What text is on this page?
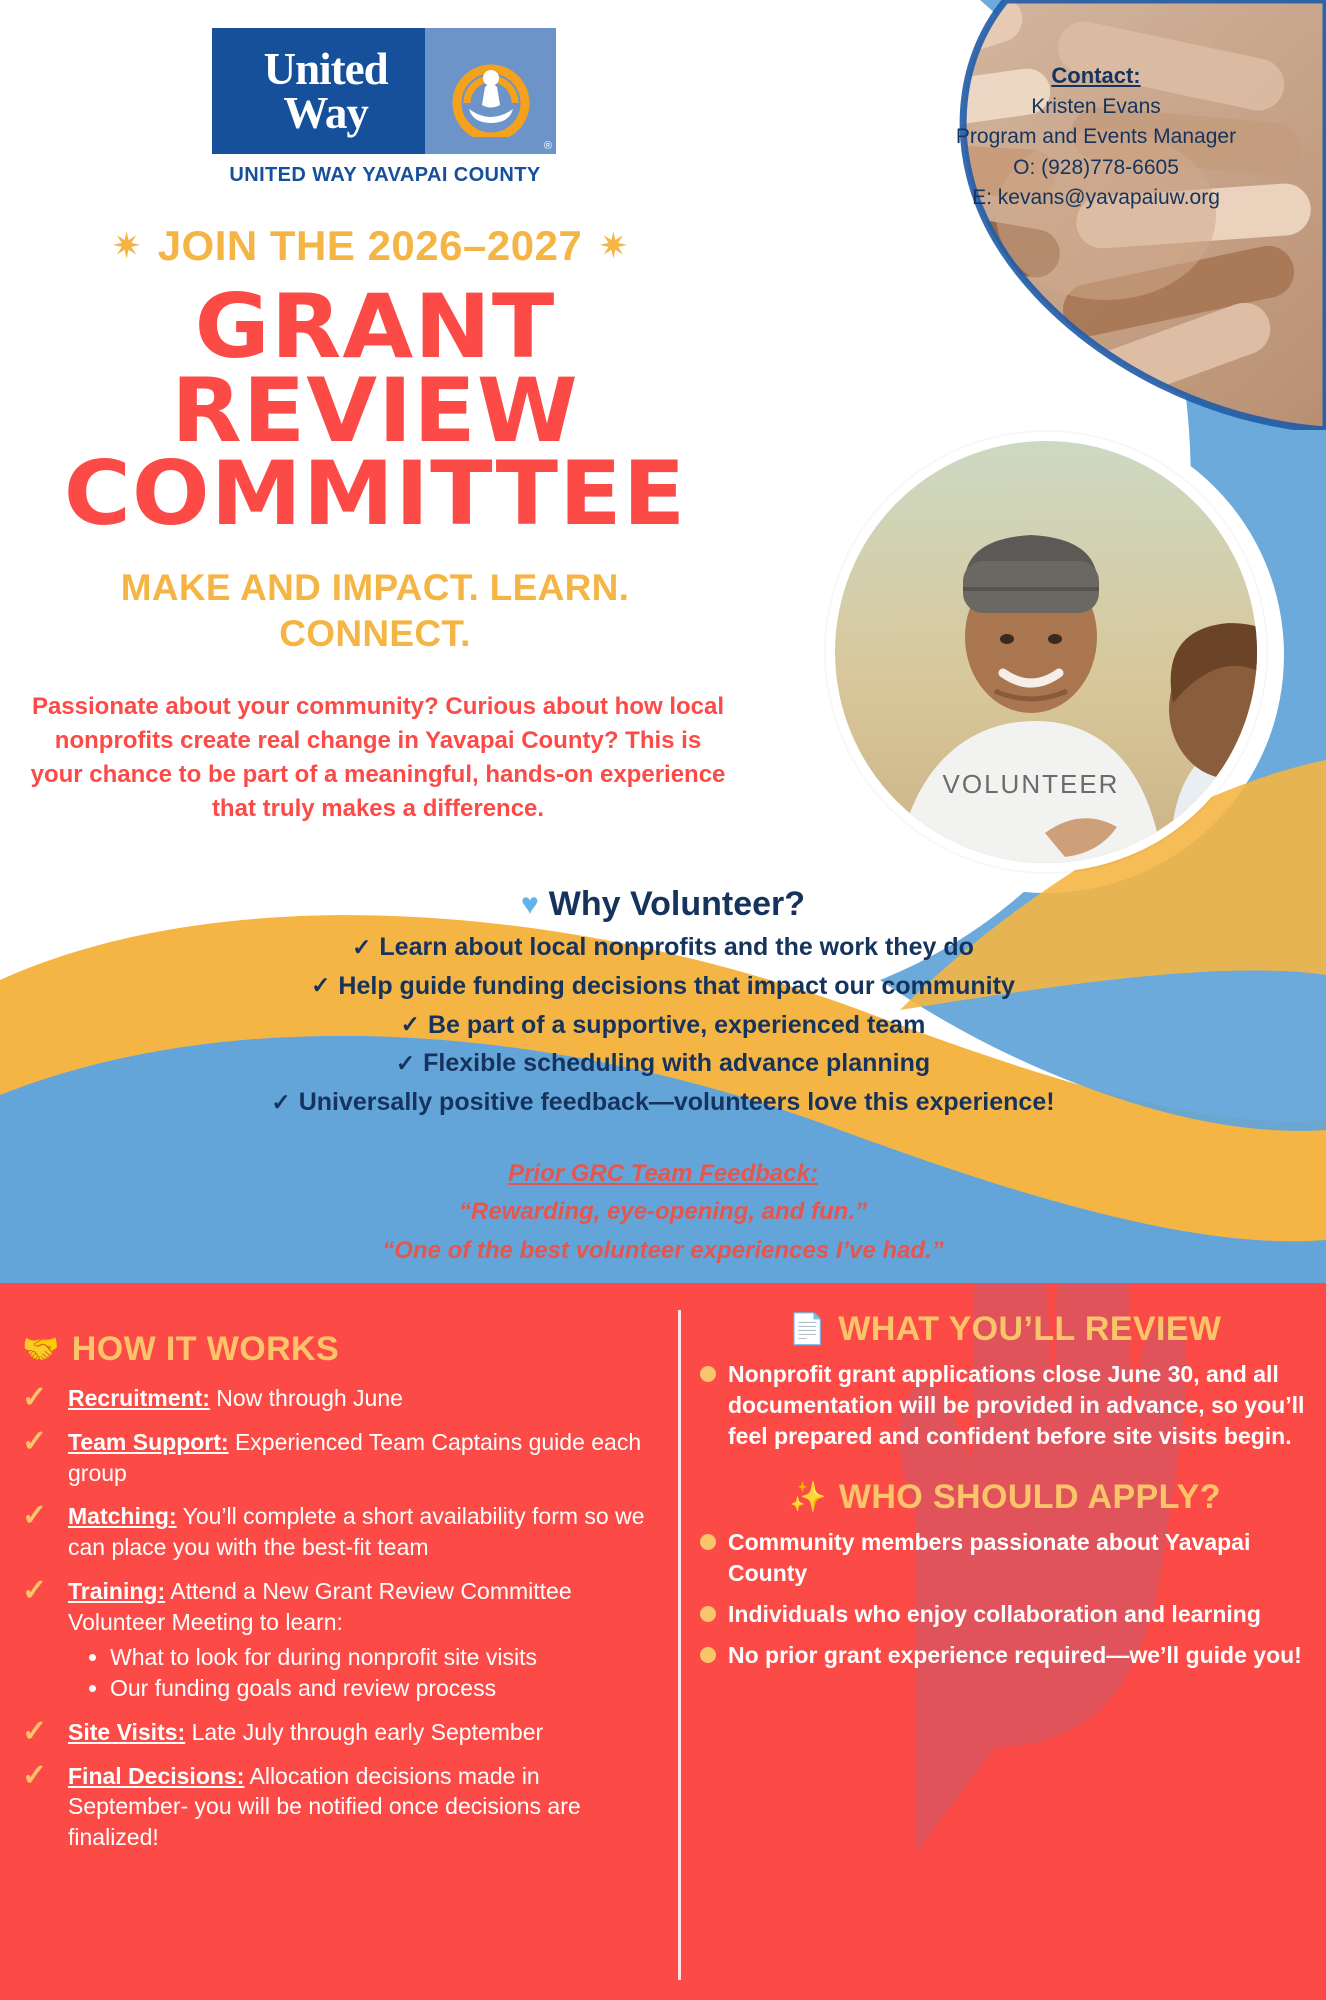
VOLUNTEER
United
Way
®
UNITED WAY YAVAPAI COUNTY
Contact:
Kristen Evans
Program and Events Manager
O: (928)778-6605
E: kevans@yavapaiuw.org
✷ JOIN THE 2026–2027 ✷
GRANT REVIEW
COMMITTEE
MAKE AND IMPACT. LEARN. CONNECT.
Passionate about your community? Curious about how local nonprofits create real change in Yavapai County? This is your chance to be part of a meaningful, hands-on experience that truly makes a difference.
♥ Why Volunteer?
✓ Learn about local nonprofits and the work they do
✓ Help guide funding decisions that impact our community
✓ Be part of a supportive, experienced team
✓ Flexible scheduling with advance planning
✓ Universally positive feedback—volunteers love this experience!
Prior GRC Team Feedback:
“Rewarding, eye-opening, and fun.”
“One of the best volunteer experiences I’ve had.”
🤝 HOW IT WORKS
✓ Recruitment: Now through June
✓ Team Support: Experienced Team Captains guide each group
✓ Matching: You’ll complete a short availability form so we can place you with the best-fit team
✓ Training: Attend a New Grant Review Committee Volunteer Meeting to learn:
• What to look for during nonprofit site visits
• Our funding goals and review process
✓ Site Visits: Late July through early September
✓ Final Decisions: Allocation decisions made in September- you will be notified once decisions are finalized!
📄 WHAT YOU’LL REVIEW
Nonprofit grant applications close June 30, and all documentation will be provided in advance, so you’ll feel prepared and confident before site visits begin.
✨ WHO SHOULD APPLY?
Community members passionate about Yavapai County
Individuals who enjoy collaboration and learning
No prior grant experience required—we’ll guide you!
